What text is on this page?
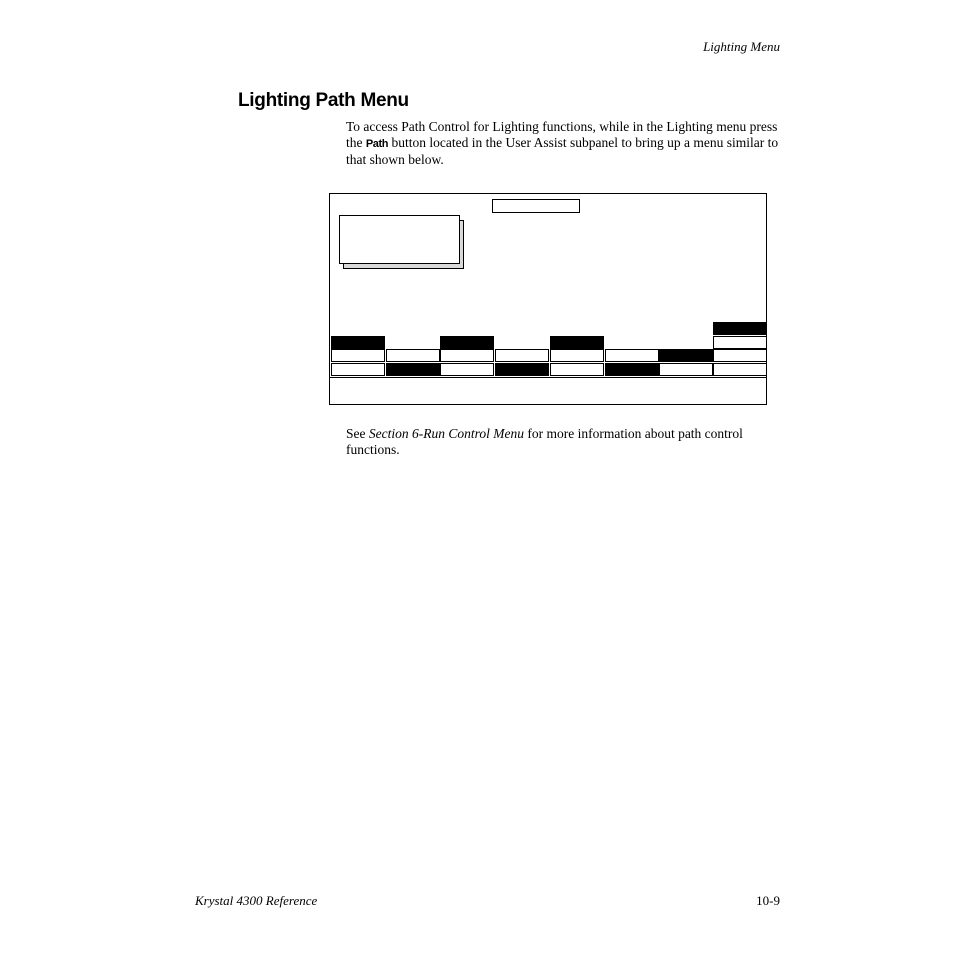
Lighting Menu
Lighting Path Menu

To access Path Control for Lighting functions, while in the Lighting menu press the Path button located in the User Assist subpanel to bring up a menu similar to that shown below.

See Section 6-Run Control Menu for more information about path control functions.

Krystal 4300 Reference	10-9
